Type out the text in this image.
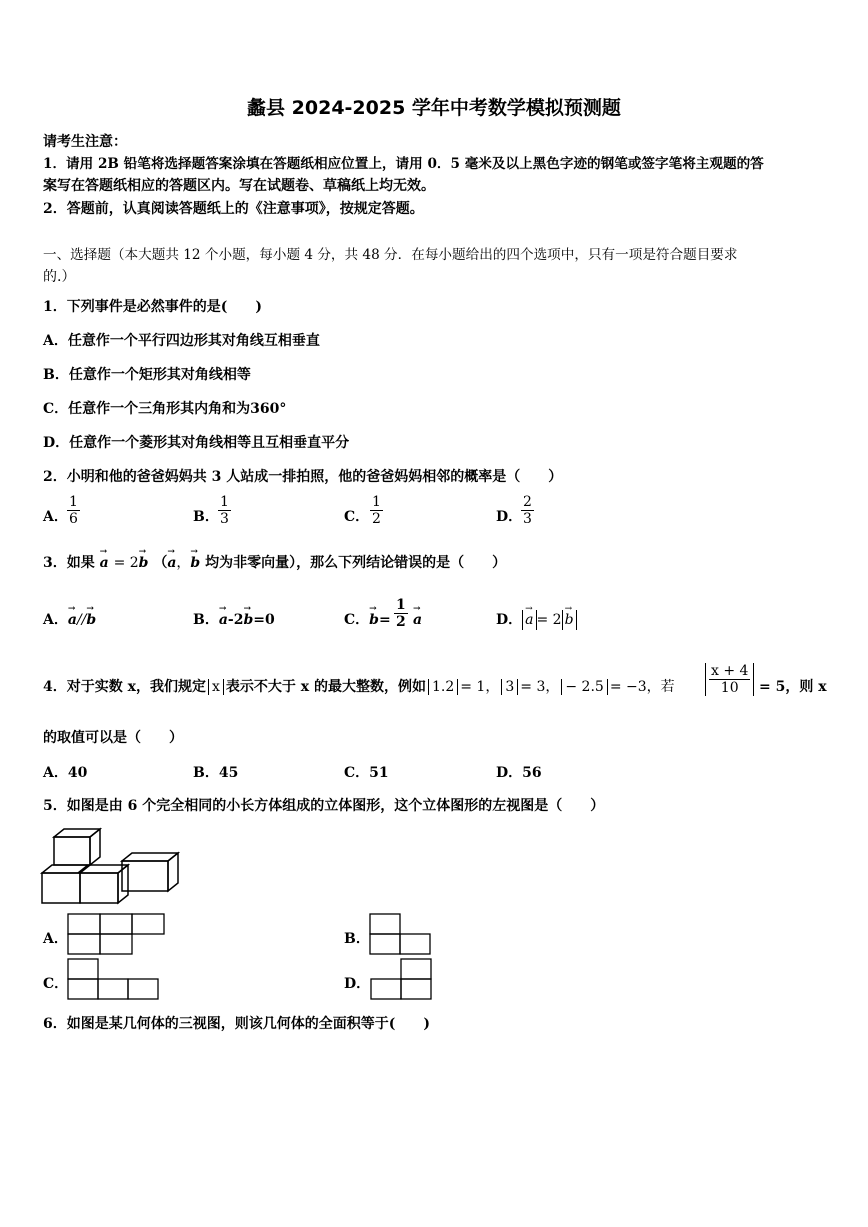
蠡县 2024-2025 学年中考数学模拟预测题
请考生注意：
1．请用 2B 铅笔将选择题答案涂填在答题纸相应位置上，请用 0．5 毫米及以上黑色字迹的钢笔或签字笔将主观题的答
案写在答题纸相应的答题区内。写在试题卷、草稿纸上均无效。
2．答题前，认真阅读答题纸上的《注意事项》，按规定答题。
一、选择题（本大题共 12 个小题，每小题 4 分，共 48 分．在每小题给出的四个选项中，只有一项是符合题目要求
的.）
1．下列事件是必然事件的是(　　)
A．任意作一个平行四边形其对角线互相垂直
B．任意作一个矩形其对角线相等
C．任意作一个三角形其内角和为360°
D．任意作一个菱形其对角线相等且互相垂直平分
2．小明和他的爸爸妈妈共 3 人站成一排拍照，他的爸爸妈妈相邻的概率是（　　）
A． $\frac{1}{6}$	B． $\frac{1}{3}$	C． $\frac{1}{2}$	D．
$\frac{2}{3}$
3．如果 → a = 2→ b （→ a，→ b 均为非零向量），那么下列结论错误的是（　　）
A．→ a//→ b	B．→ a-2→ b=0	C．→ $b= \frac{1}{2}$
→ a	D．→ a = 2→ b
4．对于实数 x，我们规定 x 表示不大于 x 的最大整数，例如 1.2 = 1， 3 = 3， − 2.5 = −3，若 $\frac{x + 4}{10} = 5$，则 x
的取值可以是（　　）
A．40	B．45	C．51	D．56
5．如图是由 6 个完全相同的小长方体组成的立体图形，这个立体图形的左视图是（　　）
A．	B．
C．	D．
6．如图是某几何体的三视图，则该几何体的全面积等于(　　)
